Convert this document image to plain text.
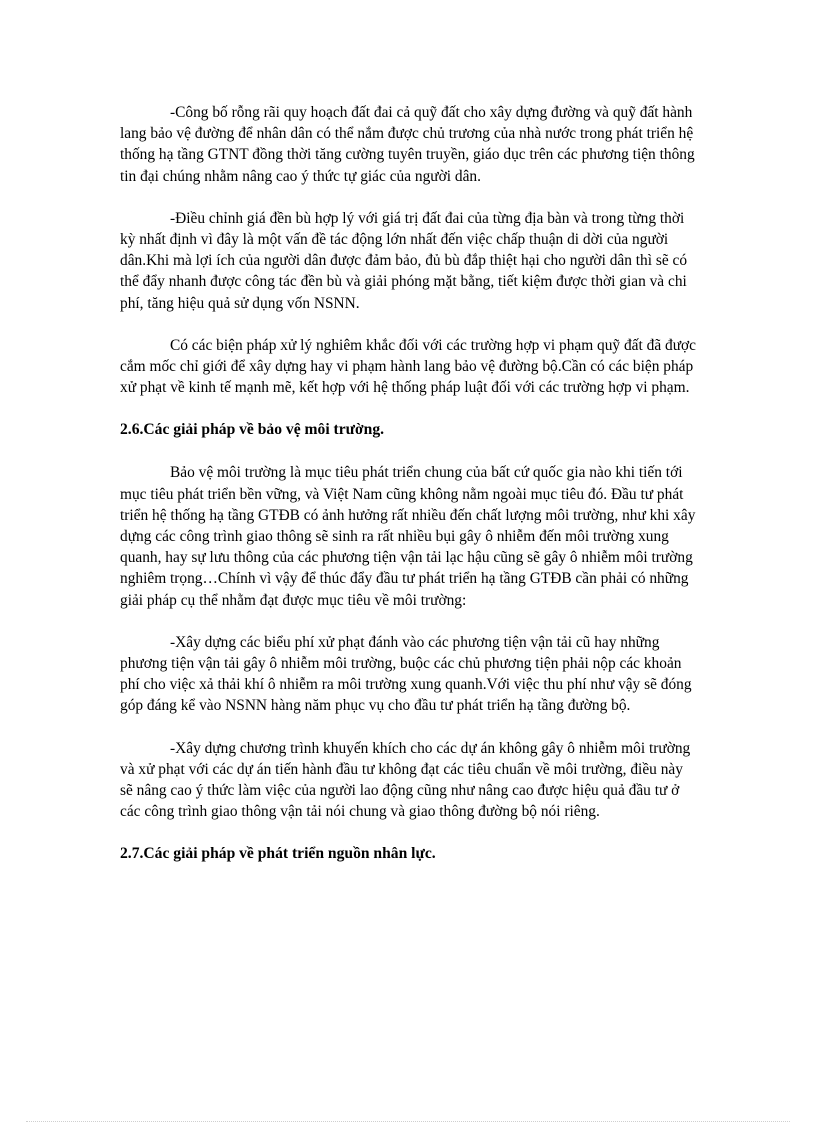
-Công bố rỗng rãi quy hoạch đất đai cả quỹ đất cho xây dựng đường và quỹ đất hành lang bảo vệ đường để nhân dân có thể nắm được chủ trương của nhà nước trong phát triển hệ thống hạ tầng GTNT đồng thời tăng cường tuyên truyền, giáo dục trên các phương tiện thông tin đại chúng nhằm nâng cao ý thức tự giác của người dân.

-Điều chỉnh giá đền bù hợp lý với giá trị đất đai của từng địa bàn và trong từng thời kỳ nhất định vì đây là một vấn đề tác động lớn nhất đến việc chấp thuận di dời của người dân.Khi mà lợi ích của người dân được đảm bảo, đủ bù đắp thiệt hại cho người dân thì sẽ có thể đẩy nhanh được công tác đền bù và giải phóng mặt bằng, tiết kiệm được thời gian và chi phí, tăng hiệu quả sử dụng vốn NSNN.

Có các biện pháp xử lý nghiêm khắc đối với các trường hợp vi phạm quỹ đất đã được cắm mốc chỉ giới để xây dựng hay vi phạm hành lang bảo vệ đường bộ.Cần có các biện pháp xử phạt về kinh tế mạnh mẽ, kết hợp với hệ thống pháp luật đối với các trường hợp vi phạm.

2.6.Các giải pháp về bảo vệ môi trường.

Bảo vệ môi trường là mục tiêu phát triển chung của bất cứ quốc gia nào khi tiến tới mục tiêu phát triển bền vững, và Việt Nam cũng không nằm ngoài mục tiêu đó. Đầu tư phát triển hệ thống hạ tầng GTĐB có ảnh hưởng rất nhiều đến chất lượng môi trường, như khi xây dựng các công trình giao thông sẽ sinh ra rất nhiều bụi gây ô nhiễm đến môi trường xung quanh, hay sự lưu thông của các phương tiện vận tải lạc hậu cũng sẽ gây ô nhiễm môi trường nghiêm trọng…Chính vì vậy để thúc đẩy đầu tư phát triển hạ tầng GTĐB cần phải có những giải pháp cụ thể nhằm đạt được mục tiêu về môi trường:

-Xây dựng các biểu phí xử phạt đánh vào các phương tiện vận tải cũ hay những phương tiện vận tải gây ô nhiễm môi trường, buộc các chủ phương tiện phải nộp các khoản phí cho việc xả thải khí ô nhiễm ra môi trường xung quanh.Với việc thu phí như vậy sẽ đóng góp đáng kể vào NSNN hàng năm phục vụ cho đầu tư phát triển hạ tầng đường bộ.

-Xây dựng chương trình khuyến khích cho các dự án không gây ô nhiễm môi trường và xử phạt với các dự án tiến hành đầu tư không đạt các tiêu chuẩn về môi trường, điều này sẽ nâng cao ý thức làm việc của người lao động cũng như nâng cao được hiệu quả đầu tư ở các công trình giao thông vận tải nói chung và giao thông đường bộ nói riêng.

2.7.Các giải pháp về phát triển nguồn nhân lực.
